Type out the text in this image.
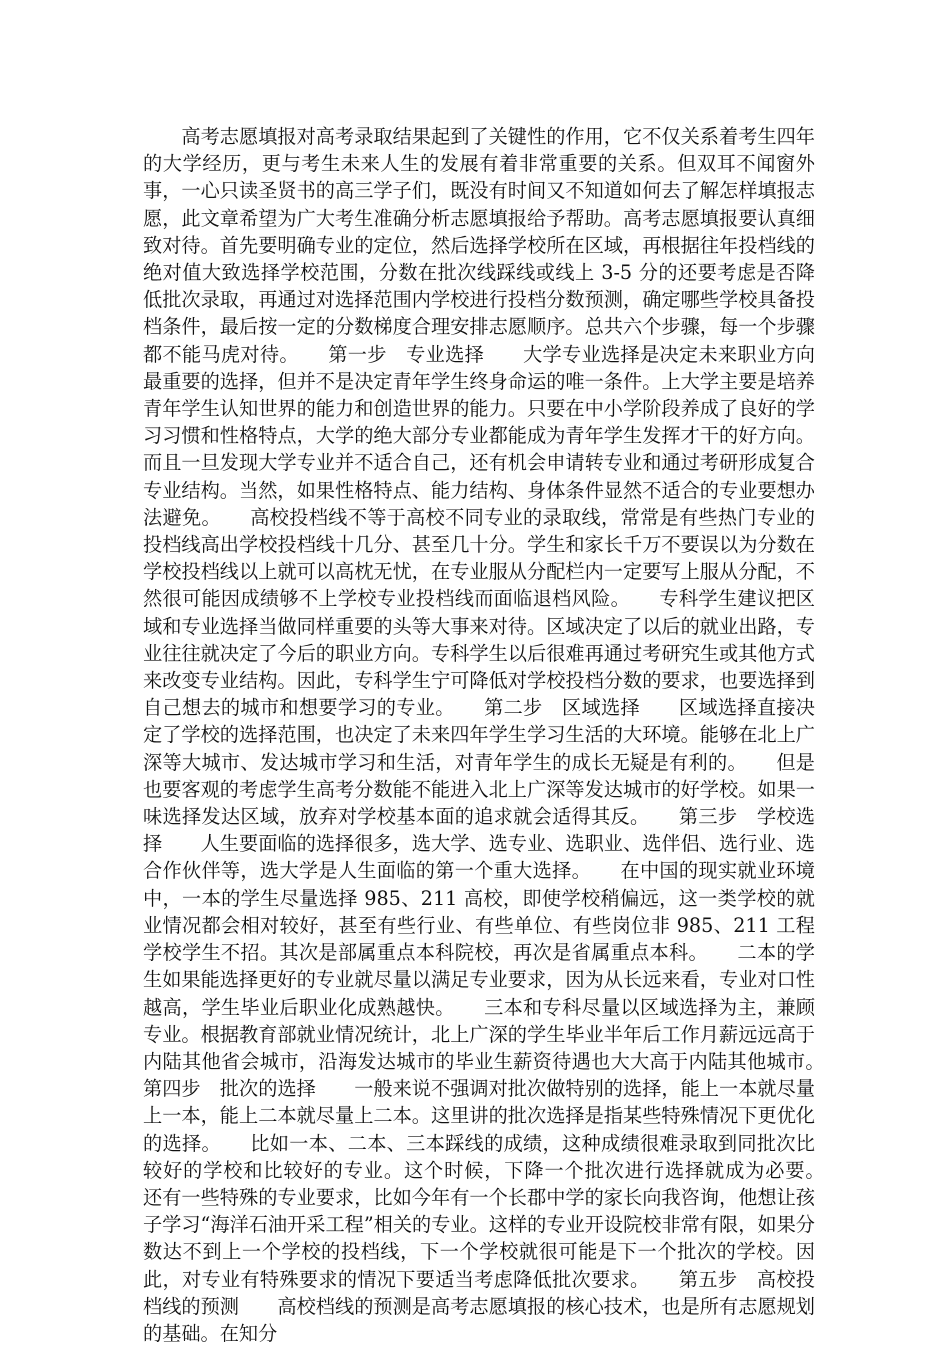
高考志愿填报对高考录取结果起到了关键性的作用，它不仅关系着考生四年的大学经历，更与考生未来人生的发展有着非常重要的关系。但双耳不闻窗外事，一心只读圣贤书的高三学子们，既没有时间又不知道如何去了解怎样填报志愿，此文章希望为广大考生准确分析志愿填报给予帮助。高考志愿填报要认真细致对待。首先要明确专业的定位，然后选择学校所在区域，再根据往年投档线的绝对值大致选择学校范围，分数在批次线踩线或线上 3-5 分的还要考虑是否降低批次录取，再通过对选择范围内学校进行投档分数预测，确定哪些学校具备投档条件，最后按一定的分数梯度合理安排志愿顺序。总共六个步骤，每一个步骤都不能马虎对待。　　第一步　专业选择　　大学专业选择是决定未来职业方向最重要的选择，但并不是决定青年学生终身命运的唯一条件。上大学主要是培养青年学生认知世界的能力和创造世界的能力。只要在中小学阶段养成了良好的学习习惯和性格特点，大学的绝大部分专业都能成为青年学生发挥才干的好方向。而且一旦发现大学专业并不适合自己，还有机会申请转专业和通过考研形成复合专业结构。当然，如果性格特点、能力结构、身体条件显然不适合的专业要想办法避免。　　高校投档线不等于高校不同专业的录取线，常常是有些热门专业的投档线高出学校投档线十几分、甚至几十分。学生和家长千万不要误以为分数在学校投档线以上就可以高枕无忧，在专业服从分配栏内一定要写上服从分配，不然很可能因成绩够不上学校专业投档线而面临退档风险。　　专科学生建议把区域和专业选择当做同样重要的头等大事来对待。区域决定了以后的就业出路，专业往往就决定了今后的职业方向。专科学生以后很难再通过考研究生或其他方式来改变专业结构。因此，专科学生宁可降低对学校投档分数的要求，也要选择到自己想去的城市和想要学习的专业。　　第二步　区域选择　　区域选择直接决定了学校的选择范围，也决定了未来四年学生学习生活的大环境。能够在北上广深等大城市、发达城市学习和生活，对青年学生的成长无疑是有利的。　　但是也要客观的考虑学生高考分数能不能进入北上广深等发达城市的好学校。如果一味选择发达区域，放弃对学校基本面的追求就会适得其反。　　第三步　学校选择　　人生要面临的选择很多，选大学、选专业、选职业、选伴侣、选行业、选合作伙伴等，选大学是人生面临的第一个重大选择。　　在中国的现实就业环境中，一本的学生尽量选择 985、211 高校，即使学校稍偏远，这一类学校的就业情况都会相对较好，甚至有些行业、有些单位、有些岗位非 985、211 工程学校学生不招。其次是部属重点本科院校，再次是省属重点本科。　　二本的学生如果能选择更好的专业就尽量以满足专业要求，因为从长远来看，专业对口性越高，学生毕业后职业化成熟越快。　　三本和专科尽量以区域选择为主，兼顾专业。根据教育部就业情况统计，北上广深的学生毕业半年后工作月薪远远高于内陆其他省会城市，沿海发达城市的毕业生薪资待遇也大大高于内陆其他城市。　　第四步　批次的选择　　一般来说不强调对批次做特别的选择，能上一本就尽量上一本，能上二本就尽量上二本。这里讲的批次选择是指某些特殊情况下更优化的选择。　　比如一本、二本、三本踩线的成绩，这种成绩很难录取到同批次比较好的学校和比较好的专业。这个时候，下降一个批次进行选择就成为必要。　　还有一些特殊的专业要求，比如今年有一个长郡中学的家长向我咨询，他想让孩子学习“海洋石油开采工程”相关的专业。这样的专业开设院校非常有限，如果分数达不到上一个学校的投档线，下一个学校就很可能是下一个批次的学校。因此，对专业有特殊要求的情况下要适当考虑降低批次要求。　　第五步　高校投档线的预测　　高校档线的预测是高考志愿填报的核心技术，也是所有志愿规划的基础。在知分
